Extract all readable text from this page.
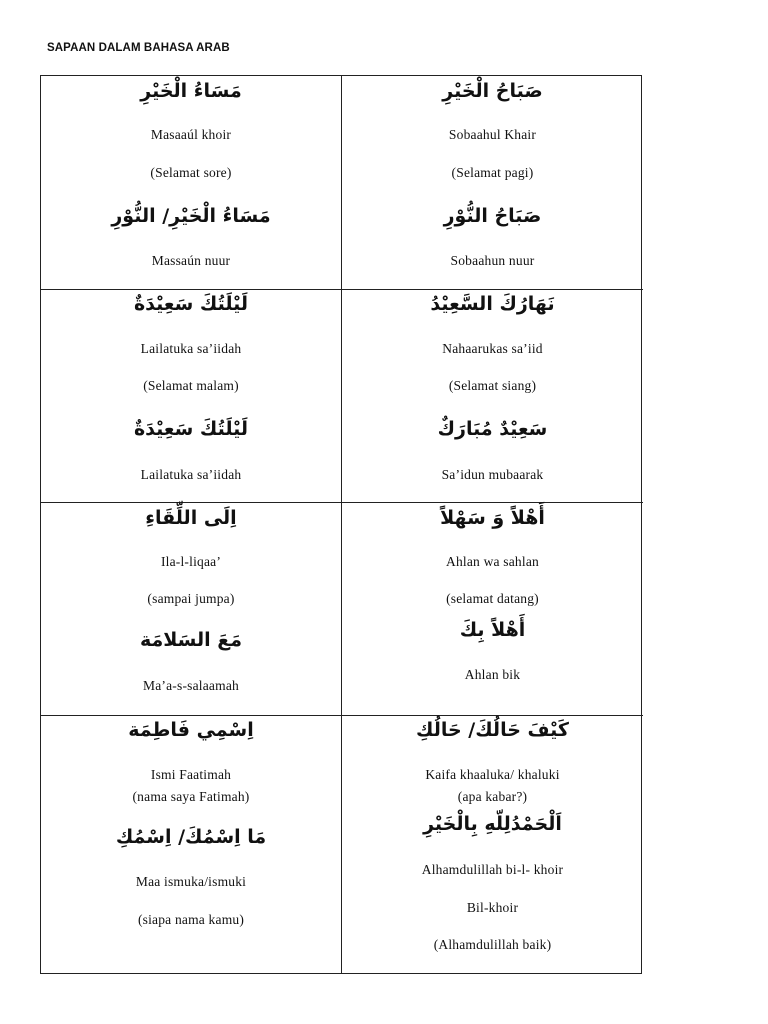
SAPAAN DALAM BAHASA ARAB
مَسَاءُ الْخَيْرِ
Masaaúl khoir
(Selamat sore)
مَسَاءُ الْخَيْرِ/ النُّوْرِ
Massaún nuur
صَبَاحُ الْخَيْرِ
Sobaahul Khair
(Selamat pagi)
صَبَاحُ النُّوْرِ
Sobaahun nuur
لَيْلَتُكَ سَعِيْدَةٌ
Lailatuka sa’iidah
(Selamat malam)
لَيْلَتُكَ سَعِيْدَةٌ
Lailatuka sa’iidah
نَهَارُكَ السَّعِيْدُ
Nahaarukas sa’iid
(Selamat siang)
سَعِيْدٌ مُبَارَكٌ
Sa’idun mubaarak
اِلَى اللِّقَاءِ
Ila-l-liqaa’
(sampai jumpa)
مَعَ السَلامَة
Ma’a-s-salaamah
أَهْلاً وَ سَهْلاً
Ahlan wa sahlan
(selamat datang)
أَهْلاً بِكَ
Ahlan bik
اِسْمِي فَاطِمَة
Ismi Faatimah
(nama saya Fatimah)
مَا اِسْمُكَ/ اِسْمُكِ
Maa ismuka/ismuki
(siapa nama kamu)
كَيْفَ حَالُكَ/ حَالُكِ
Kaifa khaaluka/ khaluki
(apa kabar?)
اَلْحَمْدُلِلّهِ بِالْخَيْرِ
Alhamdulillah bi-l- khoir
Bil-khoir
(Alhamdulillah baik)
